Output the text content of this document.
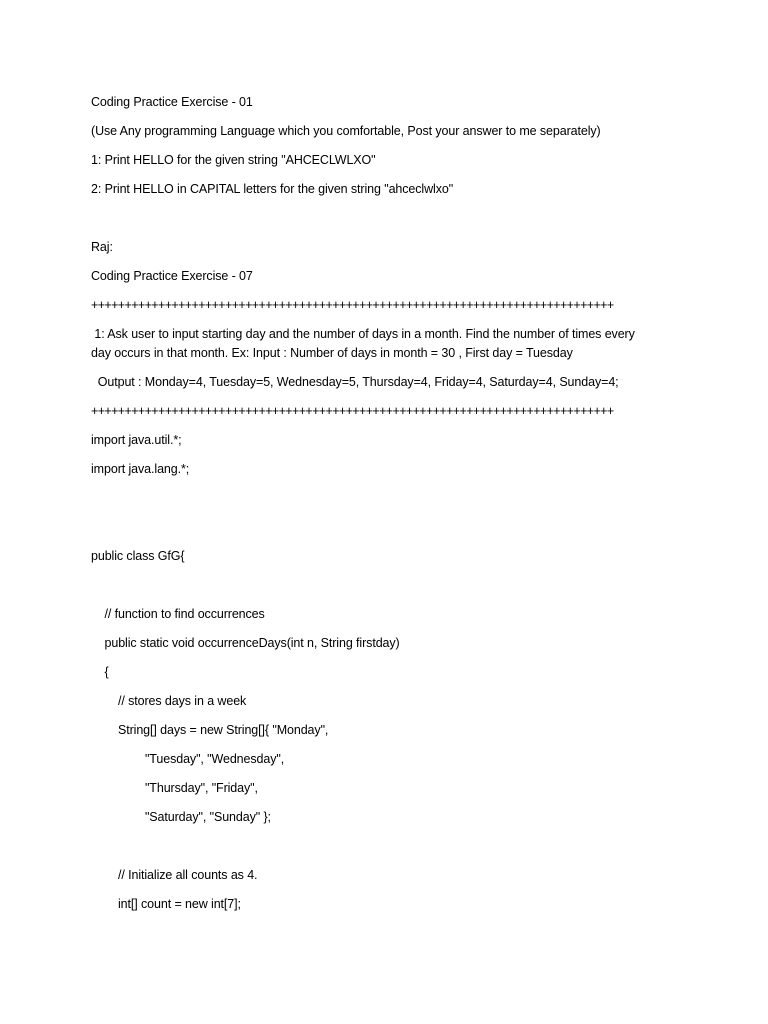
Coding Practice Exercise - 01
(Use Any programming Language which you comfortable, Post your answer to me separately)
1: Print HELLO for the given string "AHCECLWLXO"
2: Print HELLO in CAPITAL letters for the given string "ahceclwlxo"
Raj:
Coding Practice Exercise - 07
++++++++++++++++++++++++++++++++++++++++++++++++++++++++++++++++++++++++++++++
1: Ask user to input starting day and the number of days in a month. Find the number of times every
day occurs in that month. Ex: Input : Number of days in month = 30 , First day = Tuesday
Output : Monday=4, Tuesday=5, Wednesday=5, Thursday=4, Friday=4, Saturday=4, Sunday=4;
++++++++++++++++++++++++++++++++++++++++++++++++++++++++++++++++++++++++++++++
import java.util.*;
import java.lang.*;
public class GfG{
// function to find occurrences
public static void occurrenceDays(int n, String firstday)
{
// stores days in a week
String[] days = new String[]{ "Monday",
"Tuesday", "Wednesday",
"Thursday", "Friday",
"Saturday", "Sunday" };
// Initialize all counts as 4.
int[] count = new int[7];
